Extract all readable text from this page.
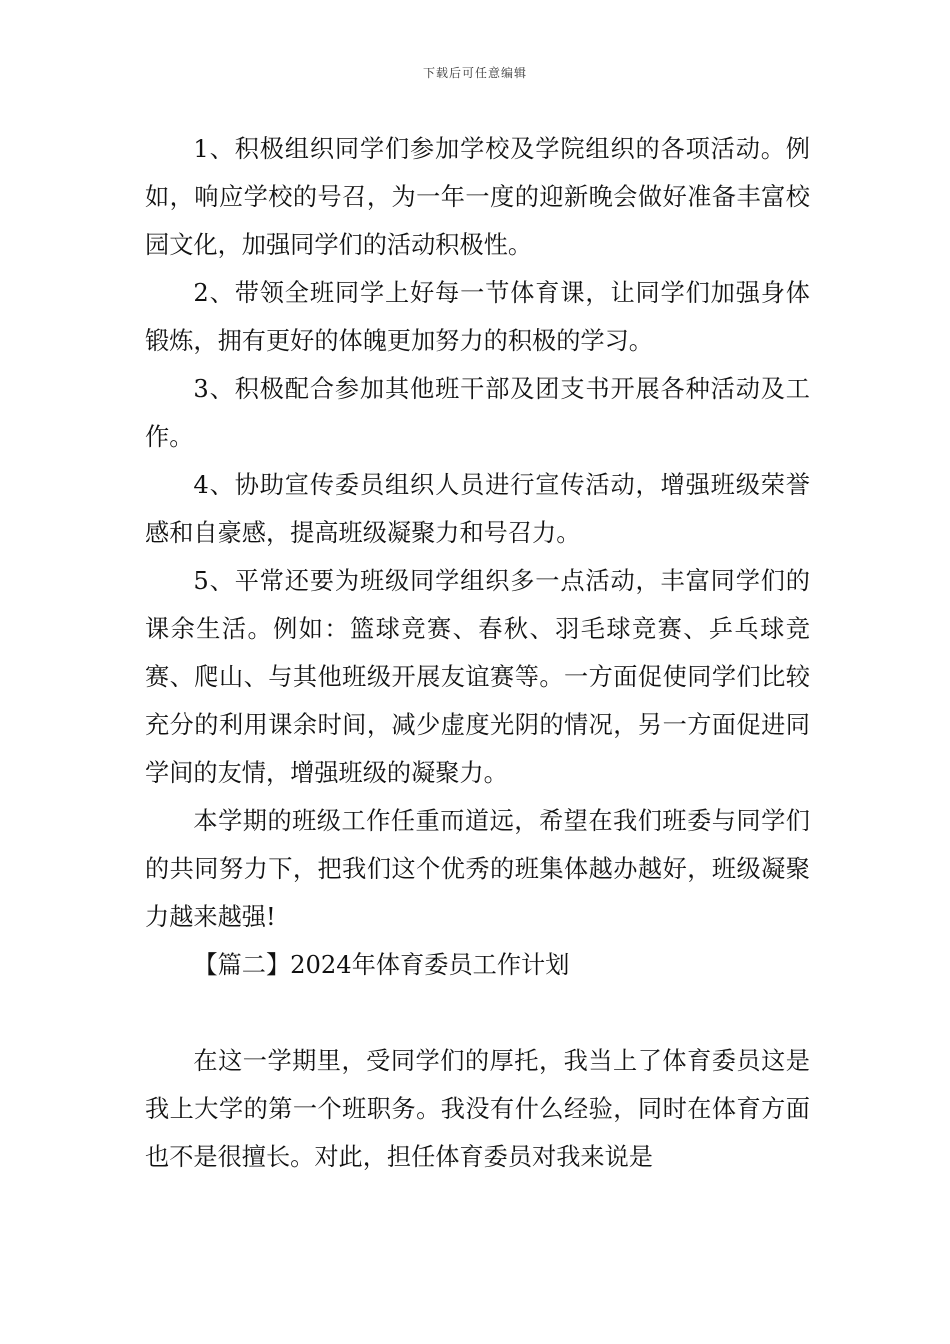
下载后可任意编辑

1、积极组织同学们参加学校及学院组织的各项活动。例如，响应学校的号召，为一年一度的迎新晚会做好准备丰富校园文化，加强同学们的活动积极性。

2、带领全班同学上好每一节体育课，让同学们加强身体锻炼，拥有更好的体魄更加努力的积极的学习。

3、积极配合参加其他班干部及团支书开展各种活动及工作。

4、协助宣传委员组织人员进行宣传活动，增强班级荣誉感和自豪感，提高班级凝聚力和号召力。

5、平常还要为班级同学组织多一点活动，丰富同学们的课余生活。例如：篮球竞赛、春秋、羽毛球竞赛、乒乓球竞赛、爬山、与其他班级开展友谊赛等。一方面促使同学们比较充分的利用课余时间，减少虚度光阴的情况，另一方面促进同学间的友情，增强班级的凝聚力。

本学期的班级工作任重而道远，希望在我们班委与同学们的共同努力下，把我们这个优秀的班集体越办越好，班级凝聚力越来越强!

【篇二】2024年体育委员工作计划

在这一学期里，受同学们的厚托，我当上了体育委员这是我上大学的第一个班职务。我没有什么经验，同时在体育方面也不是很擅长。对此，担任体育委员对我来说是
